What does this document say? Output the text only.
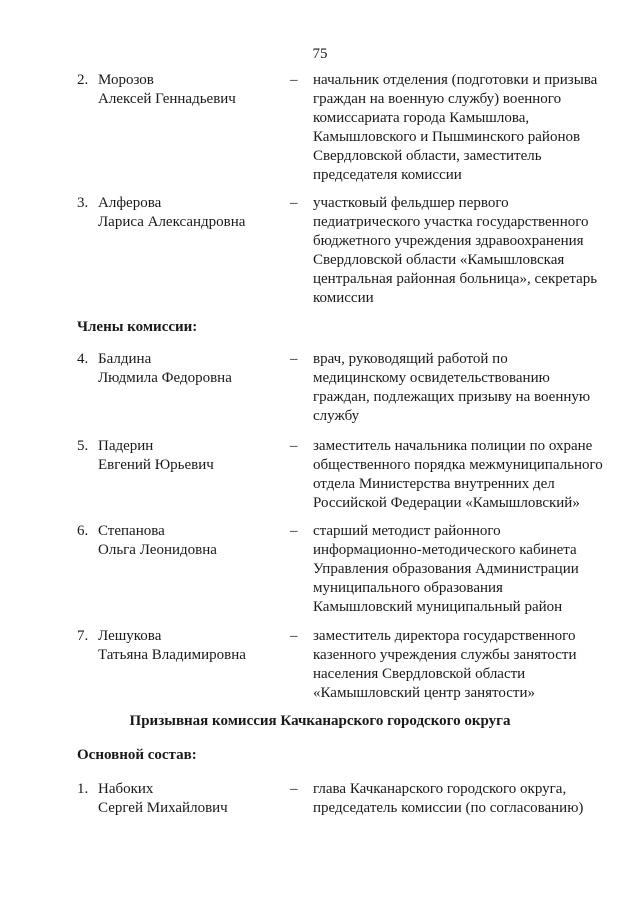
75
2. Морозов
Алексей Геннадьевич
– начальник отделения (подготовки и призыва
граждан на военную службу) военного
комиссариата города Камышлова,
Камышловского и Пышминского районов
Свердловской области, заместитель
председателя комиссии
3. Алферова
Лариса Александровна
– участковый фельдшер первого
педиатрического участка государственного
бюджетного учреждения здравоохранения
Свердловской области «Камышловская
центральная районная больница», секретарь
комиссии
Члены комиссии:
4. Балдина
Людмила Федоровна
– врач, руководящий работой по
медицинскому освидетельствованию
граждан, подлежащих призыву на военную
службу
5. Падерин
Евгений Юрьевич
– заместитель начальника полиции по охране
общественного порядка межмуниципального
отдела Министерства внутренних дел
Российской Федерации «Камышловский»
6. Степанова
Ольга Леонидовна
– старший методист районного
информационно-методического кабинета
Управления образования Администрации
муниципального образования
Камышловский муниципальный район
7. Лешукова
Татьяна Владимировна
– заместитель директора государственного
казенного учреждения службы занятости
населения Свердловской области
«Камышловский центр занятости»
Призывная комиссия Качканарского городского округа
Основной состав:
1. Набоких
Сергей Михайлович
– глава Качканарского городского округа,
председатель комиссии (по согласованию)
